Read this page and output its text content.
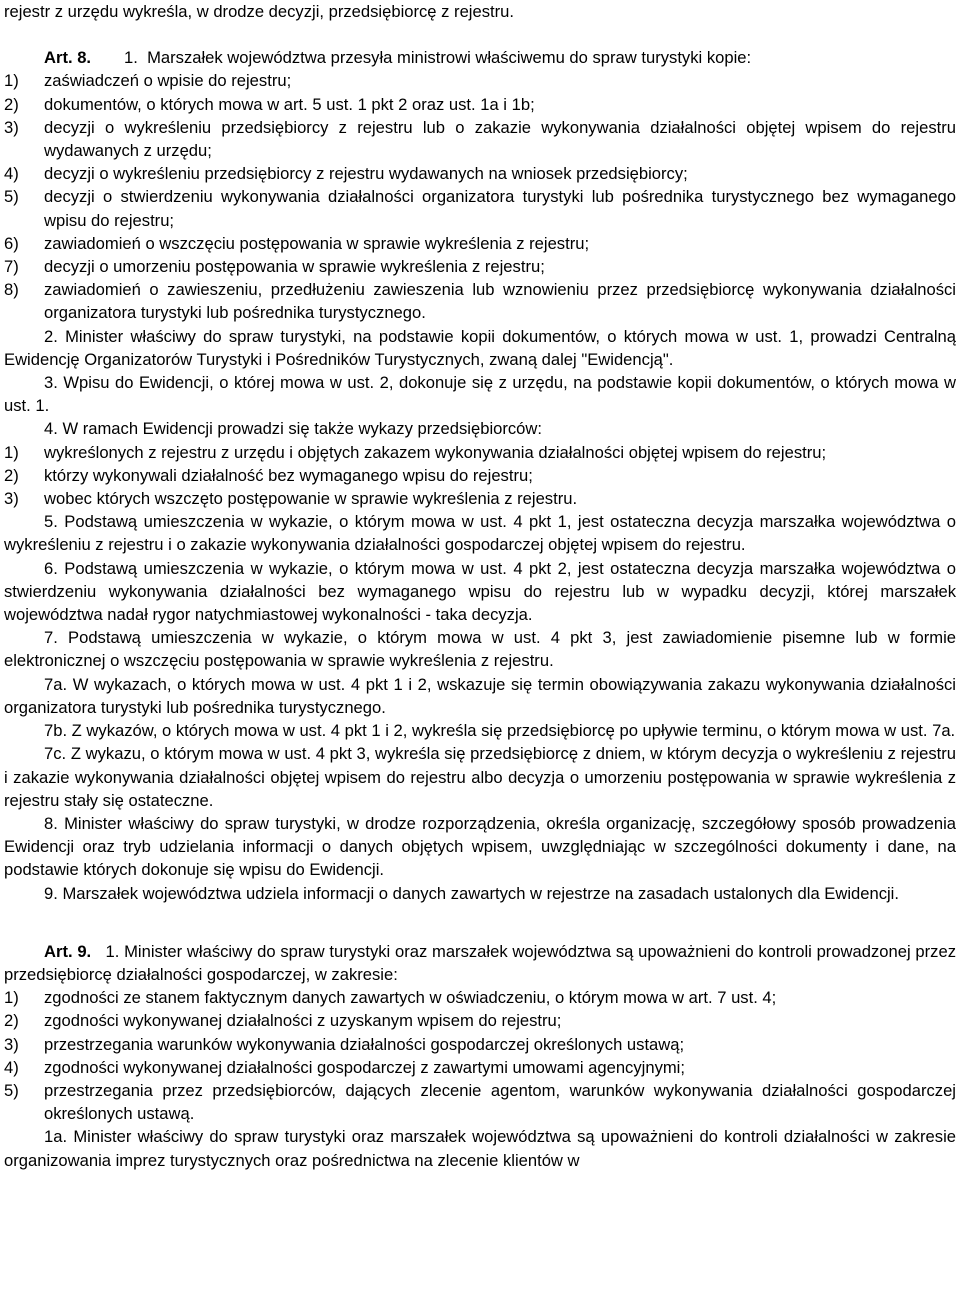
rejestr z urzędu wykreśla, w drodze decyzji, przedsiębiorcę z rejestru.

Art. 8. 1. Marszałek województwa przesyła ministrowi właściwemu do spraw turystyki kopie:

1) zaświadczeń o wpisie do rejestru;

2) dokumentów, o których mowa w art. 5 ust. 1 pkt 2 oraz ust. 1a i 1b;

3) decyzji o wykreśleniu przedsiębiorcy z rejestru lub o zakazie wykonywania działalności objętej wpisem do rejestru wydawanych z urzędu;

4) decyzji o wykreśleniu przedsiębiorcy z rejestru wydawanych na wniosek przedsiębiorcy;

5) decyzji o stwierdzeniu wykonywania działalności organizatora turystyki lub pośrednika turystycznego bez wymaganego wpisu do rejestru;

6) zawiadomień o wszczęciu postępowania w sprawie wykreślenia z rejestru;

7) decyzji o umorzeniu postępowania w sprawie wykreślenia z rejestru;

8) zawiadomień o zawieszeniu, przedłużeniu zawieszenia lub wznowieniu przez przedsiębiorcę wykonywania działalności organizatora turystyki lub pośrednika turystycznego.

2. Minister właściwy do spraw turystyki, na podstawie kopii dokumentów, o których mowa w ust. 1, prowadzi Centralną Ewidencję Organizatorów Turystyki i Pośredników Turystycznych, zwaną dalej "Ewidencją".

3. Wpisu do Ewidencji, o której mowa w ust. 2, dokonuje się z urzędu, na podstawie kopii dokumentów, o których mowa w ust. 1.

4. W ramach Ewidencji prowadzi się także wykazy przedsiębiorców:

1) wykreślonych z rejestru z urzędu i objętych zakazem wykonywania działalności objętej wpisem do rejestru;

2) którzy wykonywali działalność bez wymaganego wpisu do rejestru;

3) wobec których wszczęto postępowanie w sprawie wykreślenia z rejestru.

5. Podstawą umieszczenia w wykazie, o którym mowa w ust. 4 pkt 1, jest ostateczna decyzja marszałka województwa o wykreśleniu z rejestru i o zakazie wykonywania działalności gospodarczej objętej wpisem do rejestru.

6. Podstawą umieszczenia w wykazie, o którym mowa w ust. 4 pkt 2, jest ostateczna decyzja marszałka województwa o stwierdzeniu wykonywania działalności bez wymaganego wpisu do rejestru lub w wypadku decyzji, której marszałek województwa nadał rygor natychmiastowej wykonalności - taka decyzja.

7. Podstawą umieszczenia w wykazie, o którym mowa w ust. 4 pkt 3, jest zawiadomienie pisemne lub w formie elektronicznej o wszczęciu postępowania w sprawie wykreślenia z rejestru.

7a. W wykazach, o których mowa w ust. 4 pkt 1 i 2, wskazuje się termin obowiązywania zakazu wykonywania działalności organizatora turystyki lub pośrednika turystycznego.

7b. Z wykazów, o których mowa w ust. 4 pkt 1 i 2, wykreśla się przedsiębiorcę po upływie terminu, o którym mowa w ust. 7a.

7c. Z wykazu, o którym mowa w ust. 4 pkt 3, wykreśla się przedsiębiorcę z dniem, w którym decyzja o wykreśleniu z rejestru i zakazie wykonywania działalności objętej wpisem do rejestru albo decyzja o umorzeniu postępowania w sprawie wykreślenia z rejestru stały się ostateczne.

8. Minister właściwy do spraw turystyki, w drodze rozporządzenia, określa organizację, szczegółowy sposób prowadzenia Ewidencji oraz tryb udzielania informacji o danych objętych wpisem, uwzględniając w szczególności dokumenty i dane, na podstawie których dokonuje się wpisu do Ewidencji.

9. Marszałek województwa udziela informacji o danych zawartych w rejestrze na zasadach ustalonych dla Ewidencji.

Art. 9. 1. Minister właściwy do spraw turystyki oraz marszałek województwa są upoważnieni do kontroli prowadzonej przez przedsiębiorcę działalności gospodarczej, w zakresie:

1) zgodności ze stanem faktycznym danych zawartych w oświadczeniu, o którym mowa w art. 7 ust. 4;

2) zgodności wykonywanej działalności z uzyskanym wpisem do rejestru;

3) przestrzegania warunków wykonywania działalności gospodarczej określonych ustawą;

4) zgodności wykonywanej działalności gospodarczej z zawartymi umowami agencyjnymi;

5) przestrzegania przez przedsiębiorców, dających zlecenie agentom, warunków wykonywania działalności gospodarczej określonych ustawą.

1a. Minister właściwy do spraw turystyki oraz marszałek województwa są upoważnieni do kontroli działalności w zakresie organizowania imprez turystycznych oraz pośrednictwa na zlecenie klientów w
